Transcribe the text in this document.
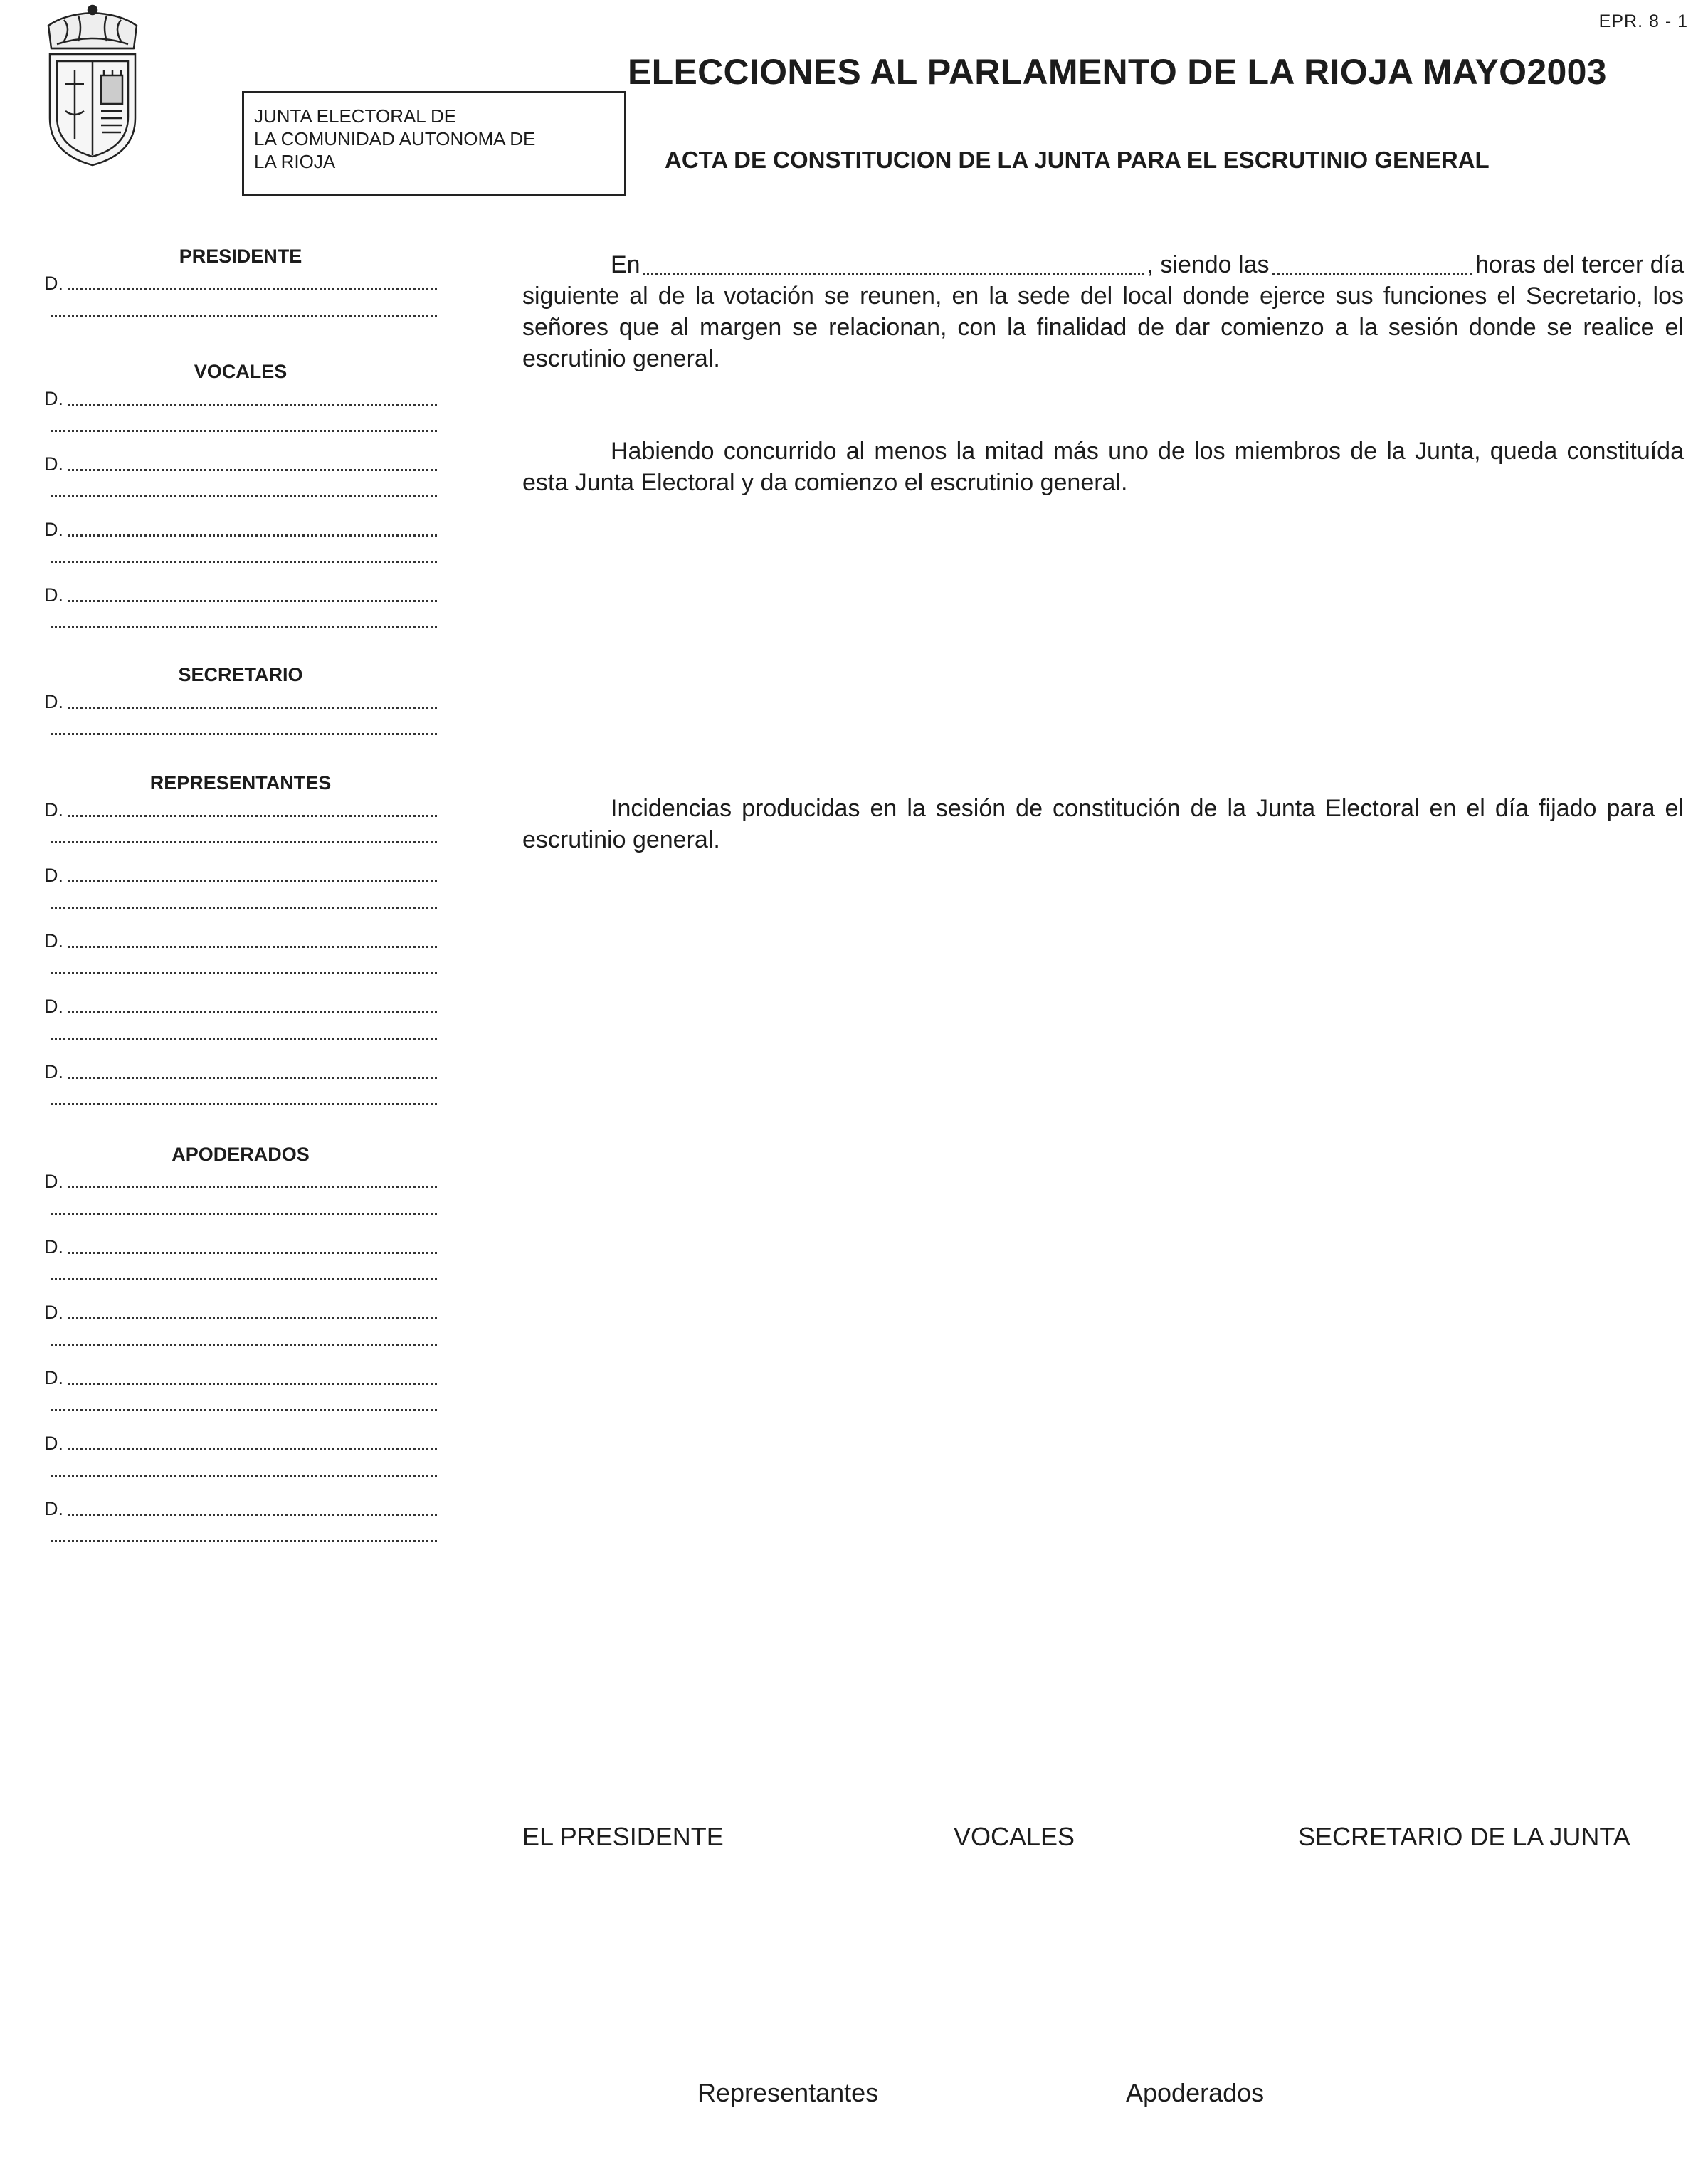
EPR. 8 - 1
JUNTA ELECTORAL DE
LA COMUNIDAD AUTONOMA DE
LA RIOJA
ELECCIONES AL PARLAMENTO DE LA RIOJA MAYO2003
ACTA DE CONSTITUCION DE LA JUNTA PARA EL ESCRUTINIO GENERAL
PRESIDENTE
D.
VOCALES
D.
D.
D.
D.
SECRETARIO
D.
REPRESENTANTES
D.
D.
D.
D.
D.
APODERADOS
D.
D.
D.
D.
D.
D.
En	, siendo las	horas del tercer día
siguiente al de la votación se reunen, en la sede del local donde ejerce sus funciones el Secretario, los señores que al margen se relacionan, con la finalidad de dar comienzo a la sesión donde se realice el escrutinio general.
Habiendo concurrido al menos la mitad más uno de los miembros de la Junta, queda constituída esta Junta Electoral y da comienzo el escrutinio general.
Incidencias producidas en la sesión de constitución de la Junta Electoral en el día fijado para el escrutinio general.
EL PRESIDENTE	VOCALES	SECRETARIO DE LA JUNTA
Representantes	Apoderados
